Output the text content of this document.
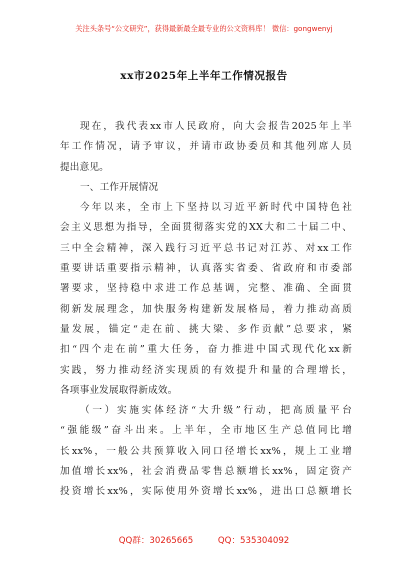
关注头条号“公文研究”，获得最新最全最专业的公文资料库！ 微信：gongwenyj
xx市2025年上半年工作情况报告
现在，我代表xx市人民政府，向大会报告2025年上半
年工作情况，请予审议，并请市政协委员和其他列席人员
提出意见。
一、工作开展情况
今年以来，全市上下坚持以习近平新时代中国特色社
会主义思想为指导，全面贯彻落实党的XX大和二十届二中、
三中全会精神，深入践行习近平总书记对江苏、对xx工作
重要讲话重要指示精神，认真落实省委、省政府和市委部
署要求，坚持稳中求进工作总基调，完整、准确、全面贯
彻新发展理念，加快服务构建新发展格局，着力推动高质
量发展，锚定“走在前、挑大梁、多作贡献”总要求，紧
扣“四个走在前”重大任务，奋力推进中国式现代化xx新
实践，努力推动经济实现质的有效提升和量的合理增长，
各项事业发展取得新成效。
（一）实施实体经济“大升级”行动，把高质量平台
“强能级”奋斗出来。上半年，全市地区生产总值同比增
长xx%，一般公共预算收入同口径增长xx%，规上工业增
加值增长xx%，社会消费品零售总额增长xx%，固定资产
投资增长xx%，实际使用外资增长xx%，进出口总额增长
QQ群：30265665	QQ：535304092
